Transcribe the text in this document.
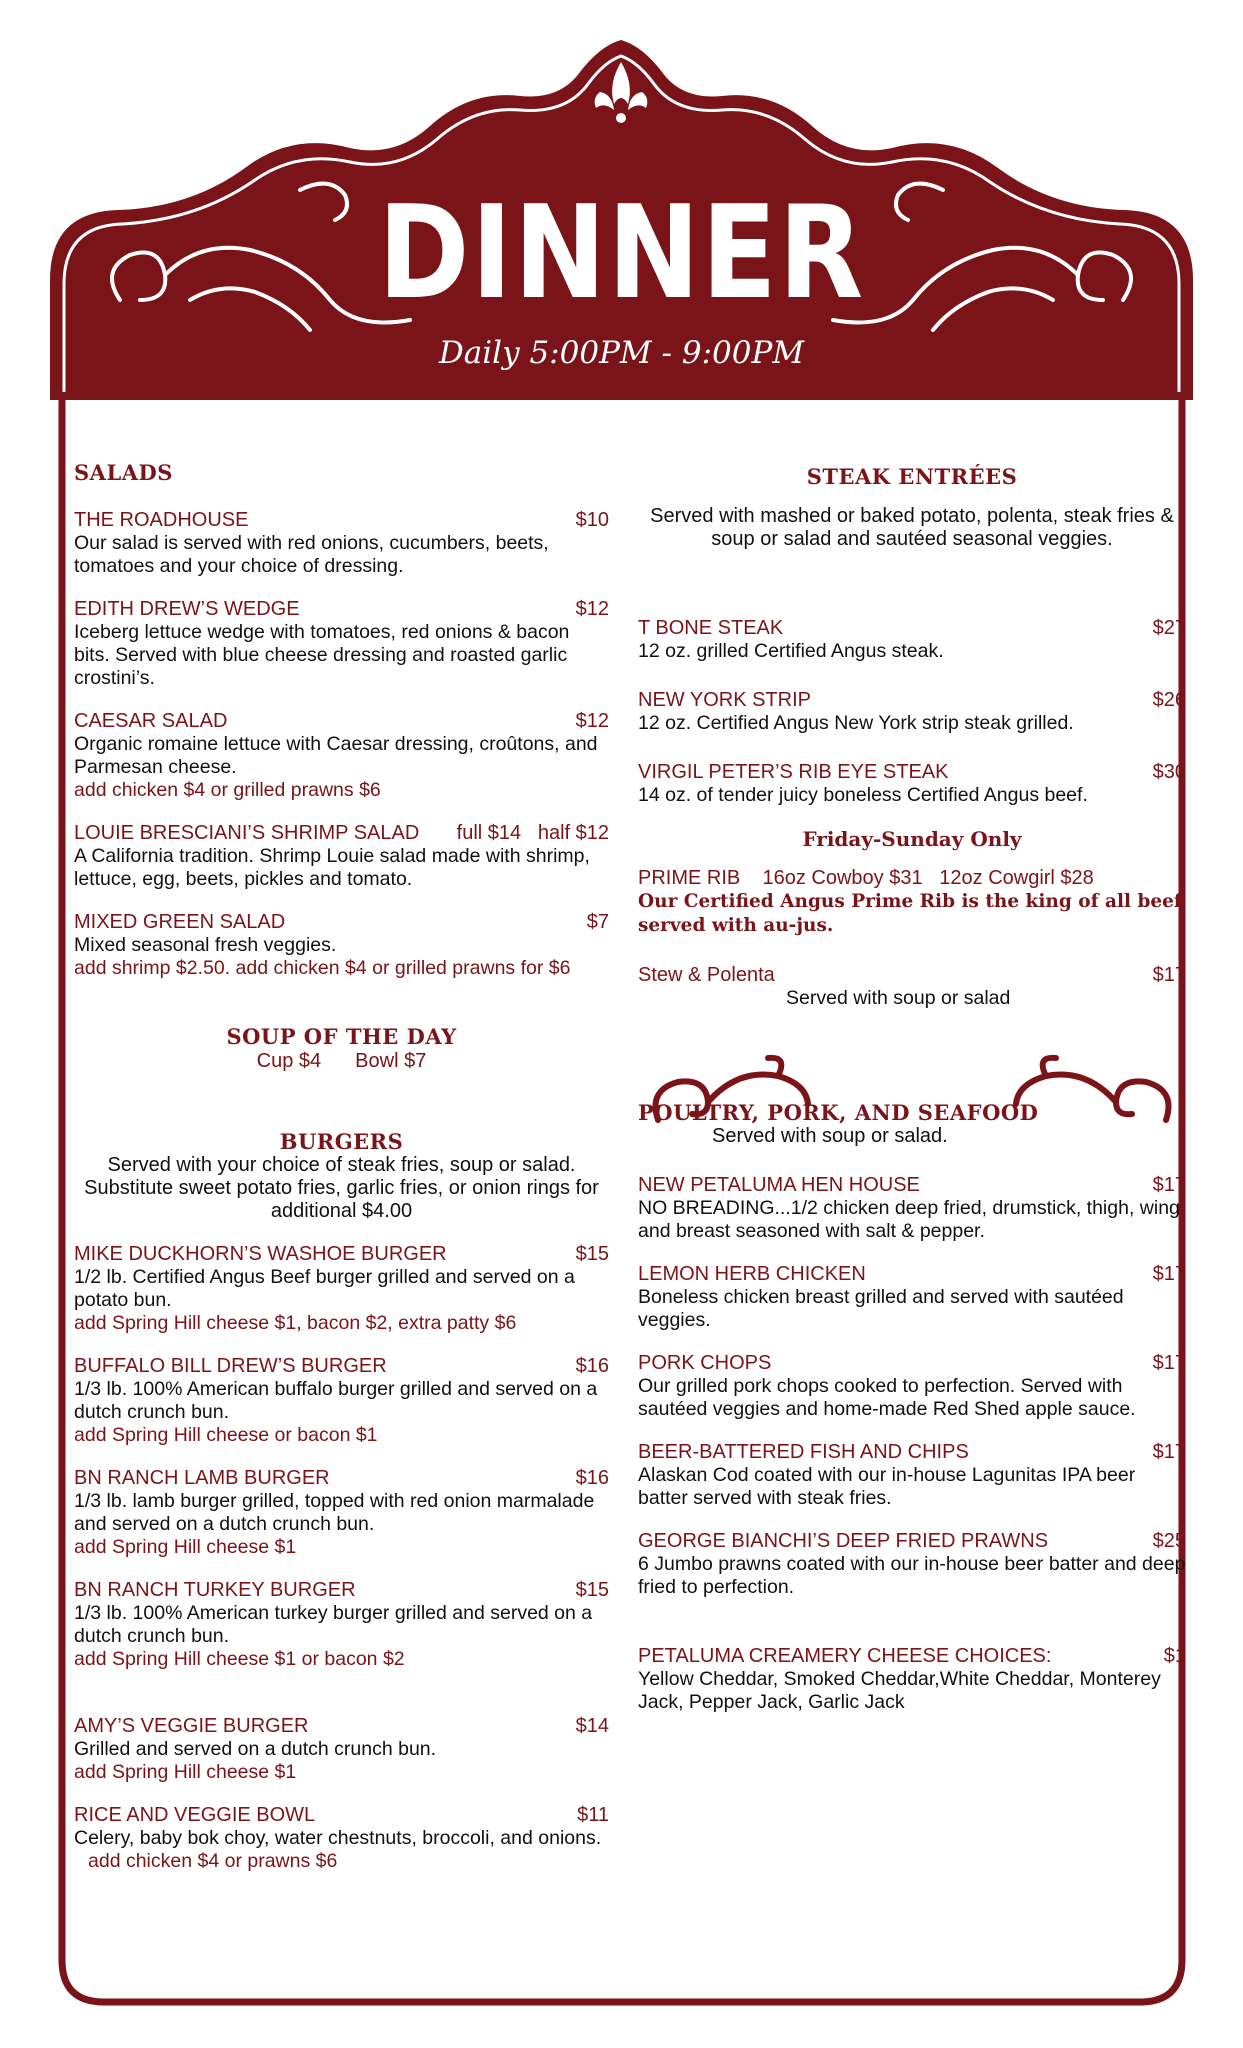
DINNER
Daily 5:00PM - 9:00PM
SALADS
THE ROADHOUSE	$10
Our salad is served with red onions, cucumbers, beets, tomatoes and your choice of dressing.
EDITH DREW’S WEDGE	$12
Iceberg lettuce wedge with tomatoes, red onions & bacon bits. Served with blue cheese dressing and roasted garlic crostini’s.
CAESAR SALAD	$12
Organic romaine lettuce with Caesar dressing, croûtons, and Parmesan cheese.
add chicken $4 or grilled prawns $6
LOUIE BRESCIANI’S SHRIMP SALAD full $14 half $12
A California tradition. Shrimp Louie salad made with shrimp, lettuce, egg, beets, pickles and tomato.
MIXED GREEN SALAD	$7
Mixed seasonal fresh veggies.
add shrimp $2.50. add chicken $4 or grilled prawns for $6
SOUP OF THE DAY
Cup $4 Bowl $7
BURGERS
Served with your choice of steak fries, soup or salad. Substitute sweet potato fries, garlic fries, or onion rings for additional $4.00
MIKE DUCKHORN’S WASHOE BURGER	$15
1/2 lb. Certified Angus Beef burger grilled and served on a potato bun.
add Spring Hill cheese $1, bacon $2, extra patty $6
BUFFALO BILL DREW’S BURGER	$16
1/3 lb. 100% American buffalo burger grilled and served on a dutch crunch bun.
add Spring Hill cheese or bacon $1
BN RANCH LAMB BURGER	$16
1/3 lb. lamb burger grilled, topped with red onion marmalade and served on a dutch crunch bun.
add Spring Hill cheese $1
BN RANCH TURKEY BURGER	$15
1/3 lb. 100% American turkey burger grilled and served on a dutch crunch bun.
add Spring Hill cheese $1 or bacon $2
AMY’S VEGGIE BURGER	$14
Grilled and served on a dutch crunch bun.
add Spring Hill cheese $1
RICE AND VEGGIE BOWL	$11
Celery, baby bok choy, water chestnuts, broccoli, and onions.
add chicken $4 or prawns $6
STEAK ENTRÉES
Served with mashed or baked potato, polenta, steak fries & soup or salad and sautéed seasonal veggies.
T BONE STEAK	$27
12 oz. grilled Certified Angus steak.
NEW YORK STRIP	$26
12 oz. Certified Angus New York strip steak grilled.
VIRGIL PETER’S RIB EYE STEAK	$30
14 oz. of tender juicy boneless Certified Angus beef.
Friday-Sunday Only
PRIME RIB 16oz Cowboy $31 12oz Cowgirl $28
Our Certified Angus Prime Rib is the king of all beef served with au-jus.
Stew & Polenta	$17
Served with soup or salad
POULTRY, PORK, AND SEAFOOD
Served with soup or salad.
NEW PETALUMA HEN HOUSE	$17
NO BREADING...1/2 chicken deep fried, drumstick, thigh, wing and breast seasoned with salt & pepper.
LEMON HERB CHICKEN	$17
Boneless chicken breast grilled and served with sautéed veggies.
PORK CHOPS	$17
Our grilled pork chops cooked to perfection. Served with sautéed veggies and home-made Red Shed apple sauce.
BEER-BATTERED FISH AND CHIPS	$17
Alaskan Cod coated with our in-house Lagunitas IPA beer batter served with steak fries.
GEORGE BIANCHI’S DEEP FRIED PRAWNS	$25
6 Jumbo prawns coated with our in-house beer batter and deep fried to perfection.
PETALUMA CREAMERY CHEESE CHOICES:	$1
Yellow Cheddar, Smoked Cheddar,White Cheddar, Monterey Jack, Pepper Jack, Garlic Jack
